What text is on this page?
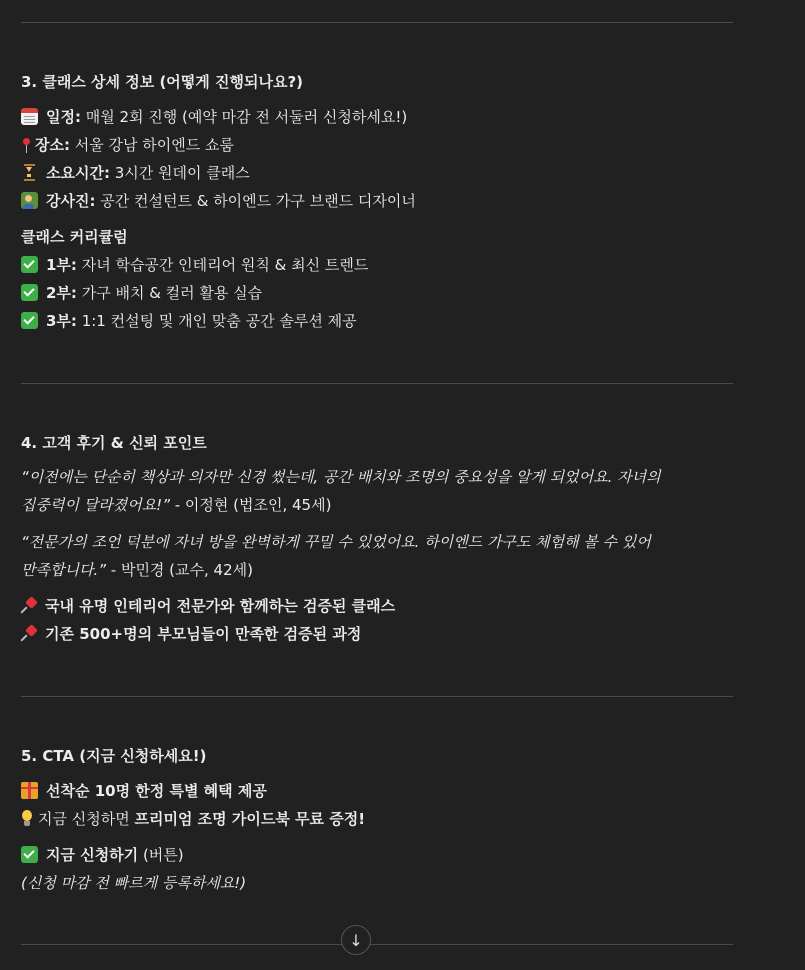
3. 클래스 상세 정보 (어떻게 진행되나요?)
일정: 매월 2회 진행 (예약 마감 전 서둘러 신청하세요!)
장소: 서울 강남 하이엔드 쇼룸
소요시간: 3시간 원데이 클래스
강사진: 공간 컨설턴트 & 하이엔드 가구 브랜드 디자이너
클래스 커리큘럼
1부: 자녀 학습공간 인테리어 원칙 & 최신 트렌드
2부: 가구 배치 & 컬러 활용 실습
3부: 1:1 컨설팅 및 개인 맞춤 공간 솔루션 제공
4. 고객 후기 & 신뢰 포인트
“이전에는 단순히 책상과 의자만 신경 썼는데, 공간 배치와 조명의 중요성을 알게 되었어요. 자녀의
집중력이 달라졌어요!” - 이정현 (법조인, 45세)
“전문가의 조언 덕분에 자녀 방을 완벽하게 꾸밀 수 있었어요. 하이엔드 가구도 체험해 볼 수 있어
만족합니다.” - 박민경 (교수, 42세)
국내 유명 인테리어 전문가와 함께하는 검증된 클래스
기존 500+명의 부모님들이 만족한 검증된 과정
5. CTA (지금 신청하세요!)
선착순 10명 한정 특별 혜택 제공
지금 신청하면 프리미엄 조명 가이드북 무료 증정!
지금 신청하기 (버튼)
(신청 마감 전 빠르게 등록하세요!)
↓
